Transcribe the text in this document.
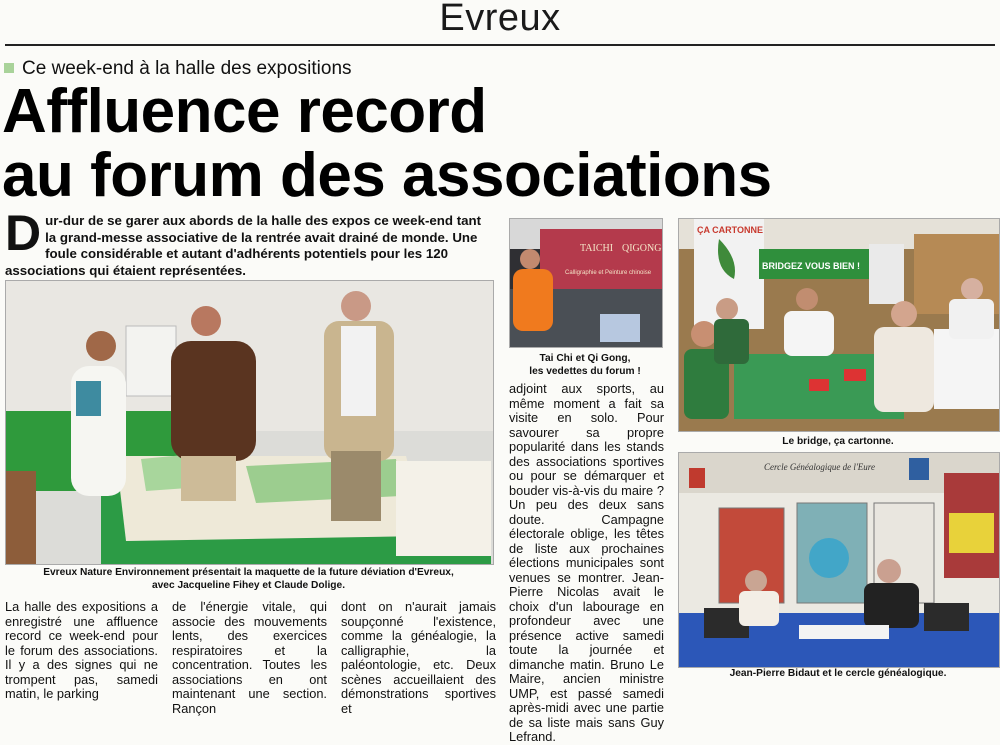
Evreux
Ce week-end à la halle des expositions
Affluence record
au forum des associations
Dur-dur de se garer aux abords de la halle des expos ce week-end tant la grand-messe associative de la rentrée avait drainé de monde. Une foule considérable et autant d'adhérents potentiels pour les 120 associations qui étaient représentées.
Evreux Nature Environnement présentait la maquette de la future déviation d'Evreux,
avec Jacqueline Fihey et Claude Dolige.
TAICHI QIGONG
Calligraphie et Peinture chinoise
Tai Chi et Qi Gong,
les vedettes du forum !
ÇA CARTONNE
BRIDGEZ VOUS BIEN !
Le bridge, ça cartonne.
Cercle Généalogique de l'Eure
Jean-Pierre Bidaut et le cercle généalogique.

La halle des expositions a enregistré une affluence record ce week-end pour le forum des associations. Il y a des signes qui ne trompent pas, samedi matin, le parking

de l'énergie vitale, qui associe des mouvements lents, des exercices respiratoires et la concentration. Toutes les associations en ont maintenant une section. Rançon

dont on n'aurait jamais soupçonné l'existence, comme la généalogie, la calligraphie, la paléontologie, etc. Deux scènes accueillaient des démonstrations sportives et

adjoint aux sports, au même moment a fait sa visite en solo. Pour savourer sa propre popularité dans les stands des associations sportives ou pour se démarquer et bouder vis-à-vis du maire ? Un peu des deux sans doute. Campagne électorale oblige, les têtes de liste aux prochaines élections municipales sont venues se montrer. Jean-Pierre Nicolas avait le choix d'un labourage en profondeur avec une présence active samedi toute la journée et dimanche matin. Bruno Le Maire, ancien ministre UMP, est passé samedi après-midi avec une partie de sa liste mais sans Guy Lefrand.
